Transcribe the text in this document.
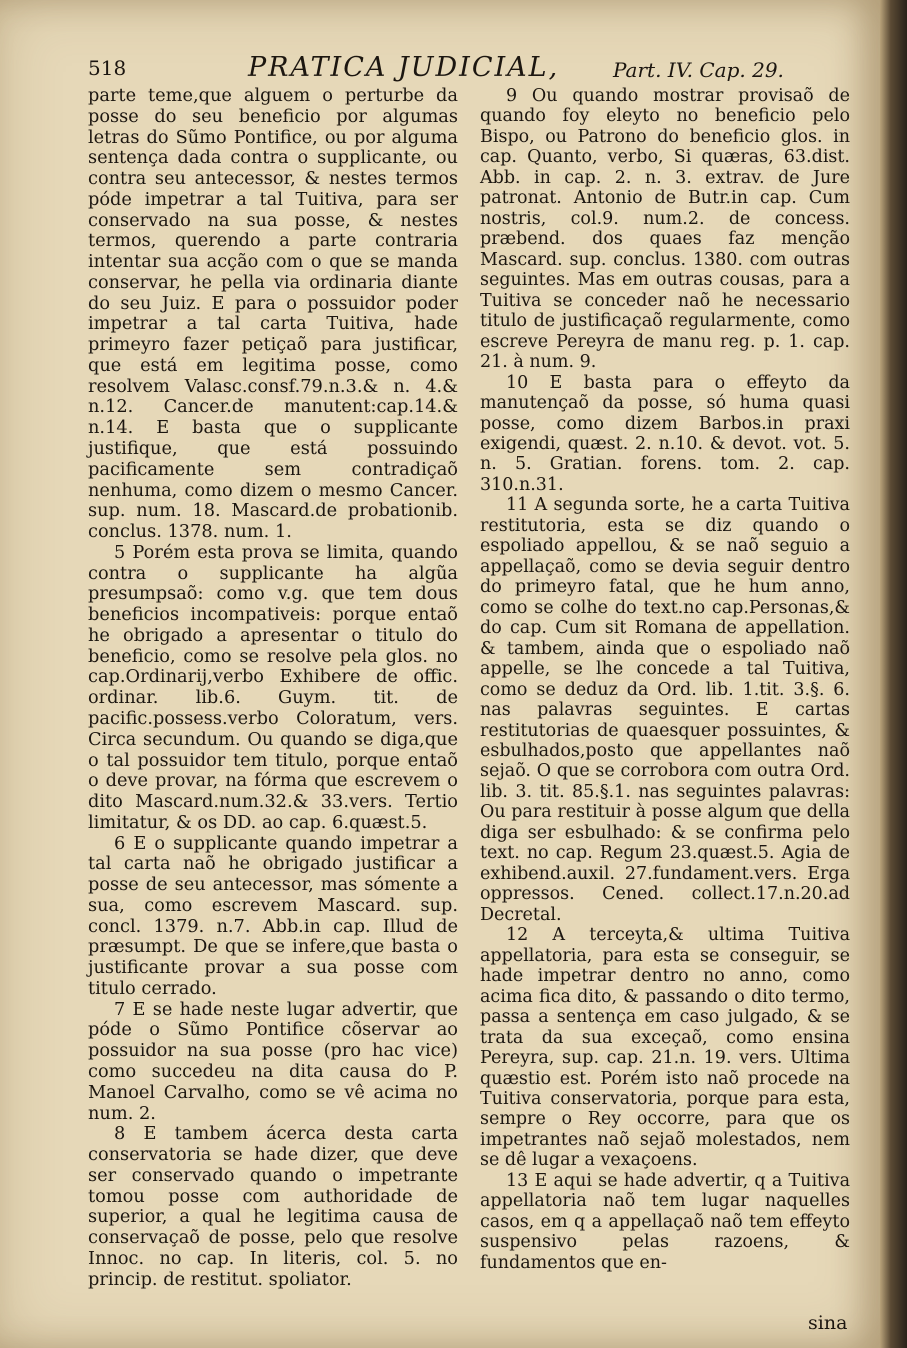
518	PRATICA JUDICIAL,	Part. IV. Cap. 29.

parte teme,que alguem o perturbe da posse do seu beneficio por algumas letras do Sũmo Pontifice, ou por alguma sentença dada contra o supplicante, ou contra seu antecessor, & nestes termos póde impetrar a tal Tuitiva, para ser conservado na sua posse, & nestes termos, querendo a parte contraria intentar sua acção com o que se manda conservar, he pella via ordinaria diante do seu Juiz. E para o possuidor poder impetrar a tal carta Tuitiva, hade primeyro fazer petiçaõ para justificar, que está em legitima posse, como resolvem Valasc.consf.79.n.3.& n. 4.& n.12. Cancer.de manutent:cap.14.& n.14. E basta que o supplicante justifique, que está possuindo pacificamente sem contradiçaõ nenhuma, como dizem o mesmo Cancer. sup. num. 18. Mascard.de probationib. conclus. 1378. num. 1.

5 Porém esta prova se limita, quando contra o supplicante ha algũa presumpsaõ: como v.g. que tem dous beneficios incompativeis: porque entaõ he obrigado a apresentar o titulo do beneficio, como se resolve pela glos. no cap.Ordinarij,verbo Exhibere de offic. ordinar. lib.6. Guym. tit. de pacific.possess.verbo Coloratum, vers. Circa secundum. Ou quando se diga,que o tal possuidor tem titulo, porque entaõ o deve provar, na fórma que escrevem o dito Mascard.num.32.& 33.vers. Tertio limitatur, & os DD. ao cap. 6.quæst.5.

6 E o supplicante quando impetrar a tal carta naõ he obrigado justificar a posse de seu antecessor, mas sómente a sua, como escrevem Mascard. sup. concl. 1379. n.7. Abb.in cap. Illud de præsumpt. De que se infere,que basta o justificante provar a sua posse com titulo cerrado.

7 E se hade neste lugar advertir, que póde o Sũmo Pontifice cõservar ao possuidor na sua posse (pro hac vice) como succedeu na dita causa do P. Manoel Carvalho, como se vê acima no num. 2.

8 E tambem ácerca desta carta conservatoria se hade dizer, que deve ser conservado quando o impetrante tomou posse com authoridade de superior, a qual he legitima causa de conservaçaõ de posse, pelo que resolve Innoc. no cap. In literis, col. 5. no princip. de restitut. spoliator.

9 Ou quando mostrar provisaõ de quando foy eleyto no beneficio pelo Bispo, ou Patrono do beneficio glos. in cap. Quanto, verbo, Si quæras, 63.dist. Abb. in cap. 2. n. 3. extrav. de Jure patronat. Antonio de Butr.in cap. Cum nostris, col.9. num.2. de concess. præbend. dos quaes faz menção Mascard. sup. conclus. 1380. com outras seguintes. Mas em outras cousas, para a Tuitiva se conceder naõ he necessario titulo de justificaçaõ regularmente, como escreve Pereyra de manu reg. p. 1. cap. 21. à num. 9.

10 E basta para o effeyto da manutençaõ da posse, só huma quasi posse, como dizem Barbos.in praxi exigendi, quæst. 2. n.10. & devot. vot. 5. n. 5. Gratian. forens. tom. 2. cap. 310.n.31.

11 A segunda sorte, he a carta Tuitiva restitutoria, esta se diz quando o espoliado appellou, & se naõ seguio a appellaçaõ, como se devia seguir dentro do primeyro fatal, que he hum anno, como se colhe do text.no cap.Personas,& do cap. Cum sit Romana de appellation. & tambem, ainda que o espoliado naõ appelle, se lhe concede a tal Tuitiva, como se deduz da Ord. lib. 1.tit. 3.§. 6. nas palavras seguintes. E cartas restitutorias de quaesquer possuintes, & esbulhados,posto que appellantes naõ sejaõ. O que se corrobora com outra Ord. lib. 3. tit. 85.§.1. nas seguintes palavras: Ou para restituir à posse algum que della diga ser esbulhado: & se confirma pelo text. no cap. Regum 23.quæst.5. Agia de exhibend.auxil. 27.fundament.vers. Erga oppressos. Cened. collect.17.n.20.ad Decretal.

12 A terceyta,& ultima Tuitiva appellatoria, para esta se conseguir, se hade impetrar dentro no anno, como acima fica dito, & passando o dito termo, passa a sentença em caso julgado, & se trata da sua exceçaõ, como ensina Pereyra, sup. cap. 21.n. 19. vers. Ultima quæstio est. Porém isto naõ procede na Tuitiva conservatoria, porque para esta, sempre o Rey occorre, para que os impetrantes naõ sejaõ molestados, nem se dê lugar a vexaçoens.

13 E aqui se hade advertir, q a Tuitiva appellatoria naõ tem lugar naquelles casos, em q a appellaçaõ naõ tem effeyto suspensivo pelas razoens, & fundamentos que en-

sina
